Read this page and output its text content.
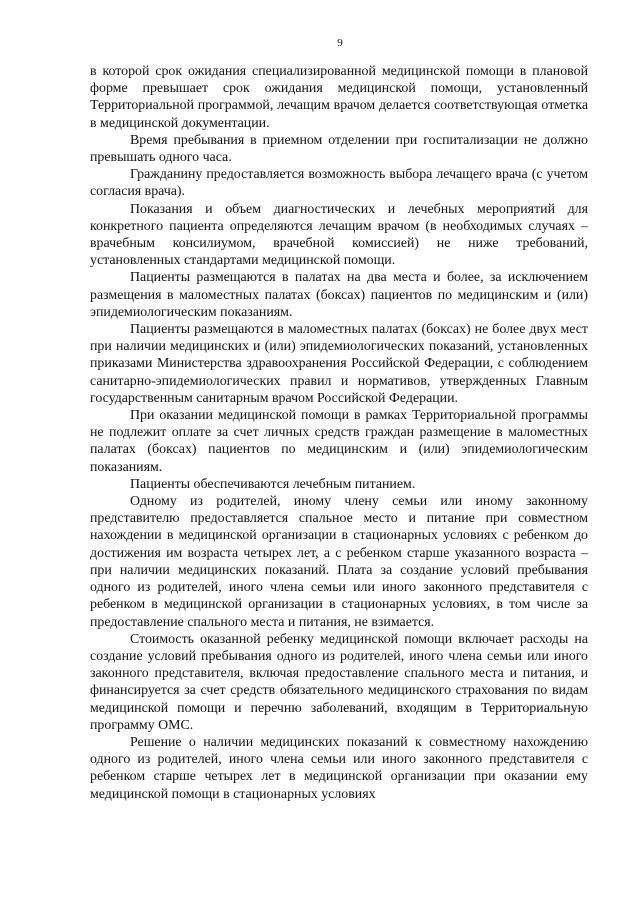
9

в которой срок ожидания специализированной медицинской помощи в плановой форме превышает срок ожидания медицинской помощи, установленный Территориальной программой, лечащим врачом делается соответствующая отметка в медицинской документации.

Время пребывания в приемном отделении при госпитализации не должно превышать одного часа.

Гражданину предоставляется возможность выбора лечащего врача (с учетом согласия врача).

Показания и объем диагностических и лечебных мероприятий для конкретного пациента определяются лечащим врачом (в необходимых случаях – врачебным консилиумом, врачебной комиссией) не ниже требований, установленных стандартами медицинской помощи.

Пациенты размещаются в палатах на два места и более, за исключением размещения в маломестных палатах (боксах) пациентов по медицинским и (или) эпидемиологическим показаниям.

Пациенты размещаются в маломестных палатах (боксах) не более двух мест при наличии медицинских и (или) эпидемиологических показаний, установленных приказами Министерства здравоохранения Российской Федерации, с соблюдением санитарно-эпидемиологических правил и нормативов, утвержденных Главным государственным санитарным врачом Российской Федерации.

При оказании медицинской помощи в рамках Территориальной программы не подлежит оплате за счет личных средств граждан размещение в маломестных палатах (боксах) пациентов по медицинским и (или) эпидемиологическим показаниям.

Пациенты обеспечиваются лечебным питанием.

Одному из родителей, иному члену семьи или иному законному представителю предоставляется спальное место и питание при совместном нахождении в медицинской организации в стационарных условиях с ребенком до достижения им возраста четырех лет, а с ребенком старше указанного возраста – при наличии медицинских показаний. Плата за создание условий пребывания одного из родителей, иного члена семьи или иного законного представителя с ребенком в медицинской организации в стационарных условиях, в том числе за предоставление спального места и питания, не взимается.

Стоимость оказанной ребенку медицинской помощи включает расходы на создание условий пребывания одного из родителей, иного члена семьи или иного законного представителя, включая предоставление спального места и питания, и финансируется за счет средств обязательного медицинского страхования по видам медицинской помощи и перечню заболеваний, входящим в Территориальную программу ОМС.

Решение о наличии медицинских показаний к совместному нахождению одного из родителей, иного члена семьи или иного законного представителя с ребенком старше четырех лет в медицинской организации при оказании ему медицинской помощи в стационарных условиях
